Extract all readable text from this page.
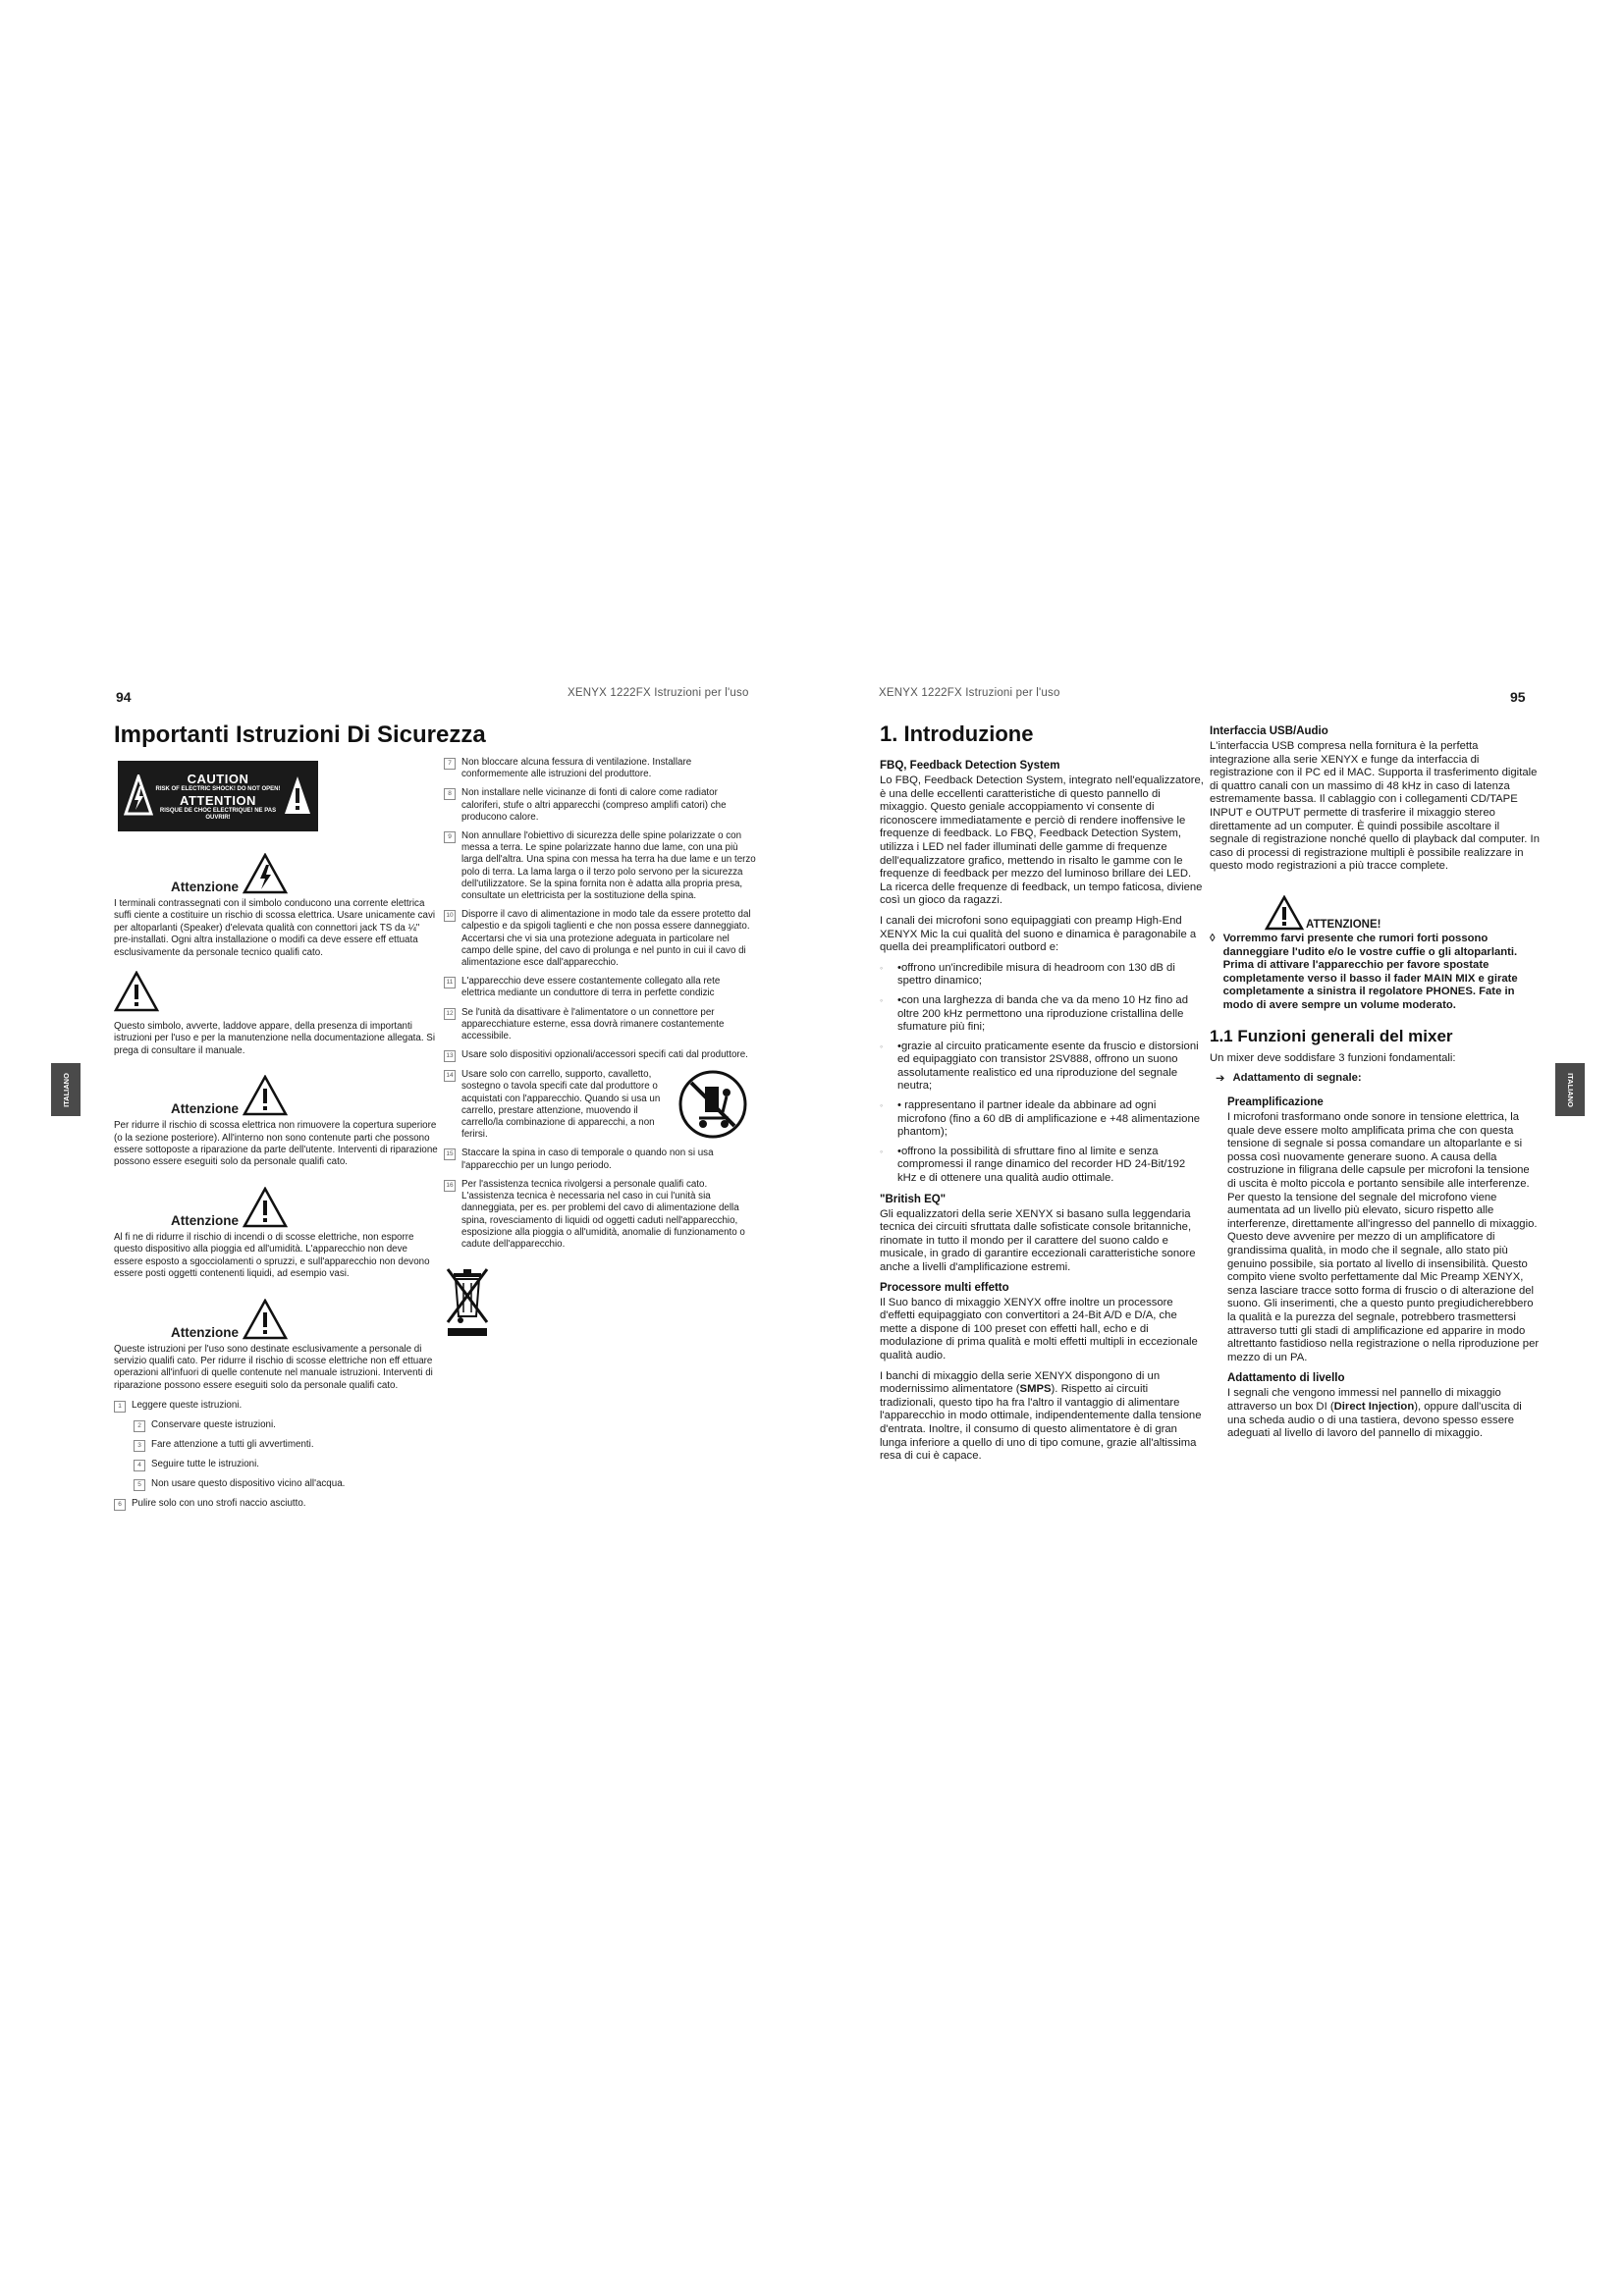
94	XENYX 1222FX Istruzioni per l'uso	XENYX 1222FX Istruzioni per l'uso	95
ITALIANO	ITALIANO
Importanti Istruzioni Di Sicurezza
CAUTION
RISK OF ELECTRIC SHOCK! DO NOT OPEN!
ATTENTION
RISQUE DE CHOC ELECTRIQUE! NE PAS OUVRIR!
Attenzione

I terminali contrassegnati con il simbolo conducono una corrente elettrica suffi ciente a costituire un rischio di scossa elettrica. Usare unicamente cavi per altoparlanti (Speaker) d'elevata qualità con connettori jack TS da ¼" pre-installati. Ogni altra installazione o modifi ca deve essere eff ettuata esclusivamente da personale tecnico qualifi cato.

Questo simbolo, avverte, laddove appare, della presenza di importanti istruzioni per l'uso e per la manutenzione nella documentazione allegata. Si prega di consultare il manuale.

Attenzione

Per ridurre il rischio di scossa elettrica non rimuovere la copertura superiore (o la sezione posteriore). All'interno non sono contenute parti che possono essere sottoposte a riparazione da parte dell'utente. Interventi di riparazione possono essere eseguiti solo da personale qualifi cato.

Attenzione

Al fi ne di ridurre il rischio di incendi o di scosse elettriche, non esporre questo dispositivo alla pioggia ed all'umidità. L'apparecchio non deve essere esposto a sgocciolamenti o spruzzi, e sull'apparecchio non devono essere posti oggetti contenenti liquidi, ad esempio vasi.

Attenzione

Queste istruzioni per l'uso sono destinate esclusivamente a personale di servizio qualifi cato. Per ridurre il rischio di scosse elettriche non eff ettuare operazioni all'infuori di quelle contenute nel manuale istruzioni. Interventi di riparazione possono essere eseguiti solo da personale qualifi cato.

1	Leggere queste istruzioni.
2	Conservare queste istruzioni.
3	Fare attenzione a tutti gli avvertimenti.
4	Seguire tutte le istruzioni.
5	Non usare questo dispositivo vicino all'acqua.
6	Pulire solo con uno strofi naccio asciutto.
7	Non bloccare alcuna fessura di ventilazione. Installare conformemente alle istruzioni del produttore.
8	Non installare nelle vicinanze di fonti di calore come radiator caloriferi, stufe o altri apparecchi (compreso amplifi catori) che producono calore.
9	Non annullare l'obiettivo di sicurezza delle spine polarizzate o con messa a terra. Le spine polarizzate hanno due lame, con una più larga dell'altra. Una spina con messa ha terra ha due lame e un terzo polo di terra. La lama larga o il terzo polo servono per la sicurezza dell'utilizzatore. Se la spina fornita non è adatta alla propria presa, consultate un elettricista per la sostituzione della spina.
10 Disporre il cavo di alimentazione in modo tale da essere protetto dal calpestio e da spigoli taglienti e che non possa essere danneggiato. Accertarsi che vi sia una protezione adeguata in particolare nel campo delle spine, del cavo di prolunga e nel punto in cui il cavo di alimentazione esce dall'apparecchio.
11 L'apparecchio deve essere costantemente collegato alla rete elettrica mediante un conduttore di terra in perfette condizic
12 Se l'unità da disattivare è l'alimentatore o un connettore per apparecchiature esterne, essa dovrà rimanere costantemente accessibile.
13 Usare solo dispositivi opzionali/accessori specifi cati dal produttore.
14 Usare solo con carrello, supporto, cavalletto, sostegno o tavola specifi cate dal produttore o acquistati con l'apparecchio. Quando si usa un carrello, prestare attenzione, muovendo il carrello/la combinazione di apparecchi, a non ferirsi.
15 Staccare la spina in caso di temporale o quando non si usa l'apparecchio per un lungo periodo.
16 Per l'assistenza tecnica rivolgersi a personale qualifi cato. L'assistenza tecnica è necessaria nel caso in cui l'unità sia danneggiata, per es. per problemi del cavo di alimentazione della spina, rovesciamento di liquidi od oggetti caduti nell'apparecchio, esposizione alla pioggia o all'umidità, anomalie di funzionamento o cadute dell'apparecchio.
1. Introduzione
FBQ, Feedback Detection System

Lo FBQ, Feedback Detection System, integrato nell'equalizzatore, è una delle eccellenti caratteristiche di questo pannello di mixaggio. Questo geniale accoppiamento vi consente di riconoscere immediatamente e perciò di rendere inoffensive le frequenze di feedback. Lo FBQ, Feedback Detection System, utilizza i LED nel fader illuminati delle gamme di frequenze dell'equalizzatore grafico, mettendo in risalto le gamme con le frequenze di feedback per mezzo del luminoso brillare dei LED. La ricerca delle frequenze di feedback, un tempo faticosa, diviene così un gioco da ragazzi.

I canali dei microfoni sono equipaggiati con preamp High-End XENYX Mic la cui qualità del suono e dinamica è paragonabile a quella dei preamplificatori outbord e:

◦	•offrono un'incredibile misura di headroom con 130 dB di spettro dinamico;
◦	•con una larghezza di banda che va da meno 10 Hz fino ad oltre 200 kHz permettono una riproduzione cristallina delle sfumature più fini;
◦	•grazie al circuito praticamente esente da fruscio e distorsioni ed equipaggiato con transistor 2SV888, offrono un suono assolutamente realistico ed una riproduzione del segnale neutra;
◦	• rappresentano il partner ideale da abbinare ad ogni microfono (fino a 60 dB di amplificazione e +48 alimentazione phantom);
◦	•offrono la possibilità di sfruttare fino al limite e senza compromessi il range dinamico del recorder HD 24-Bit/192 kHz e di ottenere una qualità audio ottimale.
"British EQ"

Gli equalizzatori della serie XENYX si basano sulla leggendaria tecnica dei circuiti sfruttata dalle sofisticate console britanniche, rinomate in tutto il mondo per il carattere del suono caldo e musicale, in grado di garantire eccezionali caratteristiche sonore anche a livelli d'amplificazione estremi.

Processore multi effetto

Il Suo banco di mixaggio XENYX offre inoltre un processore d'effetti equipaggiato con convertitori a 24-Bit A/D e D/A, che mette a dispone di 100 preset con effetti hall, echo e di modulazione di prima qualità e molti effetti multipli in eccezionale qualità audio.

I banchi di mixaggio della serie XENYX dispongono di un modernissimo alimentatore (SMPS). Rispetto ai circuiti tradizionali, questo tipo ha fra l'altro il vantaggio di alimentare l'apparecchio in modo ottimale, indipendentemente dalla tensione d'entrata. Inoltre, il consumo di questo alimentatore è di gran lunga inferiore a quello di uno di tipo comune, grazie all'altissima resa di cui è capace.

Interfaccia USB/Audio

L'interfaccia USB compresa nella fornitura è la perfetta integrazione alla serie XENYX e funge da interfaccia di registrazione con il PC ed il MAC. Supporta il trasferimento digitale di quattro canali con un massimo di 48 kHz in caso di latenza estremamente bassa. Il cablaggio con i collegamenti CD/TAPE INPUT e OUTPUT permette di trasferire il mixaggio stereo direttamente ad un computer. È quindi possibile ascoltare il segnale di registrazione nonché quello di playback dal computer. In caso di processi di registrazione multipli è possibile realizzare in questo modo registrazioni a più tracce complete.

ATTENZIONE!
◊ Vorremmo farvi presente che rumori forti possono danneggiare l'udito e/o le vostre cuffie o gli altoparlanti. Prima di attivare l'apparecchio per favore spostate completamente verso il basso il fader MAIN MIX e girate completamente a sinistra il regolatore PHONES. Fate in modo di avere sempre un volume moderato.
1.1 Funzioni generali del mixer

Un mixer deve soddisfare 3 funzioni fondamentali:

➔ Adattamento di segnale:
Preamplificazione

I microfoni trasformano onde sonore in tensione elettrica, la quale deve essere molto amplificata prima che con questa tensione di segnale si possa comandare un altoparlante e si possa così nuovamente generare suono. A causa della costruzione in filigrana delle capsule per microfoni la tensione di uscita è molto piccola e portanto sensibile alle interferenze. Per questo la tensione del segnale del microfono viene aumentata ad un livello più elevato, sicuro rispetto alle interferenze, direttamente all'ingresso del pannello di mixaggio. Questo deve avvenire per mezzo di un amplificatore di grandissima qualità, in modo che il segnale, allo stato più genuino possibile, sia portato al livello di insensibilità. Questo compito viene svolto perfettamente dal Mic Preamp XENYX, senza lasciare tracce sotto forma di fruscio o di alterazione del suono. Gli inserimenti, che a questo punto pregiudicherebbero la qualità e la purezza del segnale, potrebbero trasmettersi attraverso tutti gli stadi di amplificazione ed apparire in modo altrettanto fastidioso nella registrazione o nella riproduzione per mezzo di un PA.

Adattamento di livello

I segnali che vengono immessi nel pannello di mixaggio attraverso un box DI (Direct Injection), oppure dall'uscita di una scheda audio o di una tastiera, devono spesso essere adeguati al livello di lavoro del pannello di mixaggio.
